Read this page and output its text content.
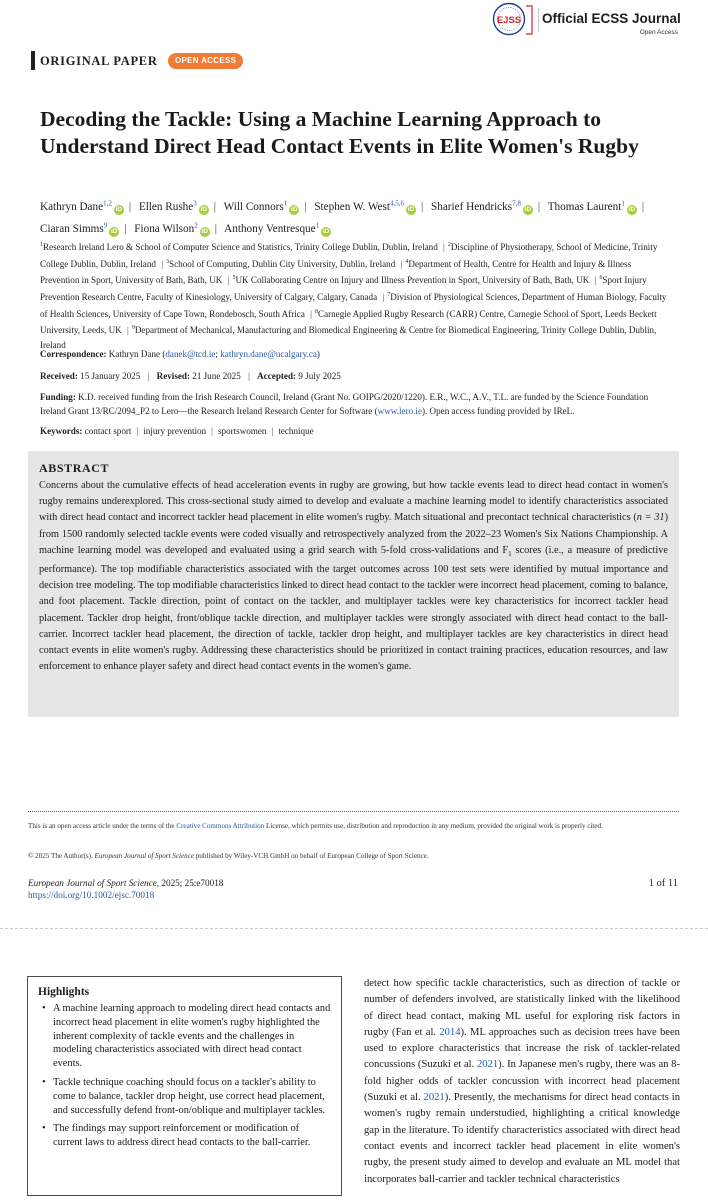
EJSS Official ECSS Journal
Open Access
ORIGINAL PAPER	OPEN ACCESS
Decoding the Tackle: Using a Machine Learning Approach to Understand Direct Head Contact Events in Elite Women's Rugby
Kathryn Dane$^{1,2}$iD | Ellen Rushe$^3$iD | Will Connors$^1$iD | Stephen W. West$^{4,5,6}$iD | Sharief Hendricks$^{7,8}$iD | Thomas Laurent$^1$iD | Ciaran Simms$^9$iD | Fiona Wilson$^2$iD | Anthony Ventresque$^1$iD
$^1$Research Ireland Lero & School of Computer Science and Statistics, Trinity College Dublin, Dublin, Ireland | $^2$Discipline of Physiotherapy, School of Medicine, Trinity College Dublin, Dublin, Ireland | $^3$School of Computing, Dublin City University, Dublin, Ireland | $^4$Department of Health, Centre for Health and Injury & Illness Prevention in Sport, University of Bath, Bath, UK | $^5$UK Collaborating Centre on Injury and Illness Prevention in Sport, University of Bath, Bath, UK | $^6$Sport Injury Prevention Research Centre, Faculty of Kinesiology, University of Calgary, Calgary, Canada | $^7$Division of Physiological Sciences, Department of Human Biology, Faculty of Health Sciences, University of Cape Town, Rondebosch, South Africa | $^8$Carnegie Applied Rugby Research (CARR) Centre, Carnegie School of Sport, Leeds Beckett University, Leeds, UK | $^9$Department of Mechanical, Manufacturing and Biomedical Engineering & Centre for Biomedical Engineering, Trinity College Dublin, Dublin, Ireland
Correspondence: Kathryn Dane (danek@tcd.ie; kathryn.dane@ucalgary.ca)
Received: 15 January 2025 | Revised: 21 June 2025 | Accepted: 9 July 2025
Funding: K.D. received funding from the Irish Research Council, Ireland (Grant No. GOIPG/2020/1220). E.R., W.C., A.V., T.L. are funded by the Science Foundation Ireland Grant 13/RC/2094_P2 to Lero—the Research Ireland Research Center for Software (www.lero.ie). Open access funding provided by IReL.
Keywords: contact sport | injury prevention | sportswomen | technique
ABSTRACT

Concerns about the cumulative effects of head acceleration events in rugby are growing, but how tackle events lead to direct head contact in women's rugby remains underexplored. This cross-sectional study aimed to develop and evaluate a machine learning model to identify characteristics associated with direct head contact and incorrect tackler head placement in elite women's rugby. Match situational and precontact technical characteristics (n = 31) from 1500 randomly selected tackle events were coded visually and retrospectively analyzed from the 2022–23 Women's Six Nations Championship. A machine learning model was developed and evaluated using a grid search with 5-fold cross-validations and $F_1$ scores (i.e., a measure of predictive performance). The top modifiable characteristics associated with the target outcomes across 100 test sets were identified by mutual importance and decision tree modeling. The top modifiable characteristics linked to direct head contact to the tackler were incorrect head placement, coming to balance, and foot placement. Tackle direction, point of contact on the tackler, and multiplayer tackles were key characteristics for incorrect tackler head placement. Tackler drop height, front/oblique tackle direction, and multiplayer tackles were strongly associated with direct head contact to the ball-carrier. Incorrect tackler head placement, the direction of tackle, tackler drop height, and multiplayer tackles are key characteristics in direct head contact events in elite women's rugby. Addressing these characteristics should be prioritized in contact training practices, education resources, and law enforcement to enhance player safety and direct head contact events in the women's game.

This is an open access article under the terms of the Creative Commons Attribution License, which permits use, distribution and reproduction in any medium, provided the original work is properly cited.
© 2025 The Author(s). European Journal of Sport Science published by Wiley-VCH GmbH on behalf of European College of Sport Science.
European Journal of Sport Science, 2025; 25:e70018
https://doi.org/10.1002/ejsc.70018
1 of 11
Highlights
• A machine learning approach to modeling direct head contacts and incorrect head placement in elite women's rugby highlighted the inherent complexity of tackle events and the challenges in modeling characteristics associated with direct head contact events.
• Tackle technique coaching should focus on a tackler's ability to come to balance, tackler drop height, use correct head placement, and successfully defend front-on/oblique and multiplayer tackles.
• The findings may support reinforcement or modification of current laws to address direct head contacts to the ball-carrier.
detect how specific tackle characteristics, such as direction of tackle or number of defenders involved, are statistically linked with the likelihood of direct head contact, making ML useful for exploring risk factors in rugby (Fan et al. 2014). ML approaches such as decision trees have been used to explore characteristics that increase the risk of tackler-related concussions (Suzuki et al. 2021). In Japanese men's rugby, there was an 8-fold higher odds of tackler concussion with incorrect head placement (Suzuki et al. 2021). Presently, the mechanisms for direct head contacts in women's rugby remain understudied, highlighting a critical knowledge gap in the literature. To identify characteristics associated with direct head contact events and incorrect tackler head placement in elite women's rugby, the present study aimed to develop and evaluate an ML model that incorporates ball-carrier and tackler technical characteristics
